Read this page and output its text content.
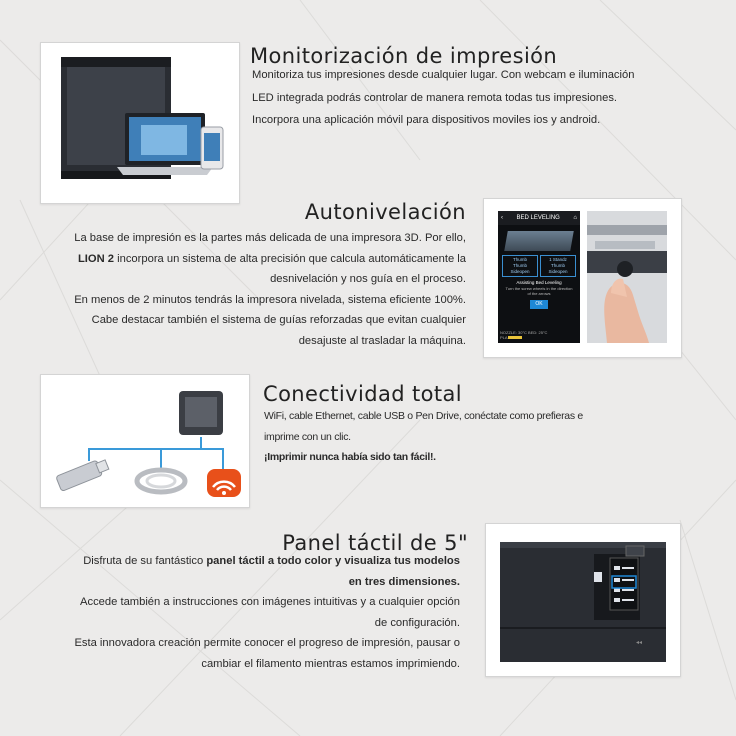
Monitorización de impresión

Monitoriza tus impresiones desde cualquier lugar. Con webcam e iluminación

LED integrada podrás controlar de manera remota todas tus impresiones.

Incorpora una aplicación móvil para dispositivos moviles ios y android.

Autonivelación

La base de impresión es la partes más delicada de una impresora 3D. Por ello,

LION 2 incorpora un sistema de alta precisión que calcula automáticamente la

desnivelación y nos guía en el proceso.

En menos de 2 minutos tendrás la impresora nivelada, sistema eficiente 100%.

Cabe destacar también el sistema de guías reforzadas que evitan cualquier

desajuste al trasladar la máquina.

‹ BED LEVELING ⌂
Thumb
Thumb
Sideopen
1 Standz
Thumb
Sideopen
Assisting Bed Leveling
Turn the screw wheels in the direction of the arrows
OK
NOZZLE: 30°C BED: 25°C
PLA
Conectividad total

WiFi, cable Ethernet, cable USB o Pen Drive, conéctate como prefieras e

imprime con un clic.

¡Imprimir nunca había sido tan fácil!.

Panel táctil de 5"

Disfruta de su fantástico panel táctil a todo color y visualiza tus modelos

en tres dimensiones.

Accede también a instrucciones con imágenes intuitivas y a cualquier opción

de configuración.

Esta innovadora creación permite conocer el progreso de impresión, pausar o

cambiar el filamento mientras estamos imprimiendo.

◂◂
